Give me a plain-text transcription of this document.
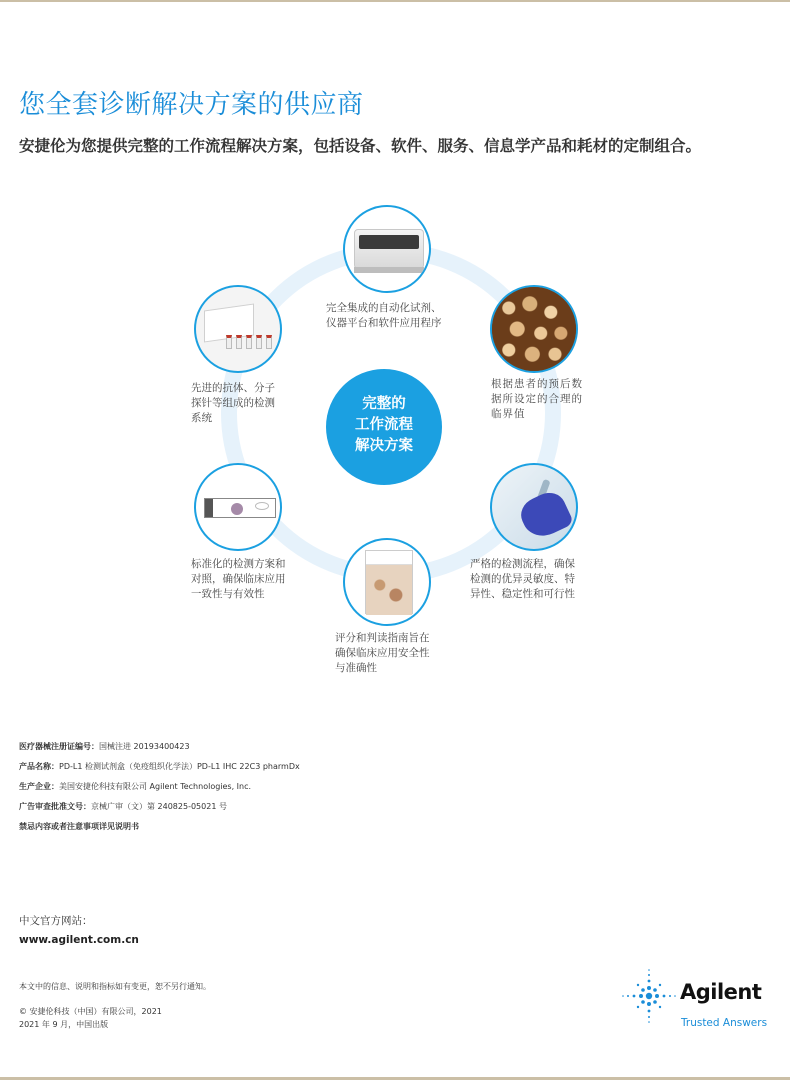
您全套诊断解决方案的供应商

安捷伦为您提供完整的工作流程解决方案，包括设备、软件、服务、信息学产品和耗材的定制组合。

完整的
工作流程
解决方案
完全集成的自动化试剂、
仪器平台和软件应用程序
根据患者的预后数
据所设定的合理的
临界值
严格的检测流程，确保
检测的优异灵敏度、特
异性、稳定性和可行性
评分和判读指南旨在
确保临床应用安全性
与准确性
标准化的检测方案和
对照，确保临床应用
一致性与有效性
先进的抗体、分子
探针等组成的检测
系统
医疗器械注册证编号：国械注进 20193400423
产品名称：PD-L1 检测试剂盒（免疫组织化学法）PD-L1 IHC 22C3 pharmDx
生产企业：美国安捷伦科技有限公司 Agilent Technologies, Inc.
广告审查批准文号：京械广审（文）第 240825-05021 号
禁忌内容或者注意事项详见说明书
中文官方网站：
www.agilent.com.cn
本文中的信息、说明和指标如有变更，恕不另行通知。
© 安捷伦科技（中国）有限公司，2021
2021 年 9 月，中国出版
Agilent
Trusted Answers
